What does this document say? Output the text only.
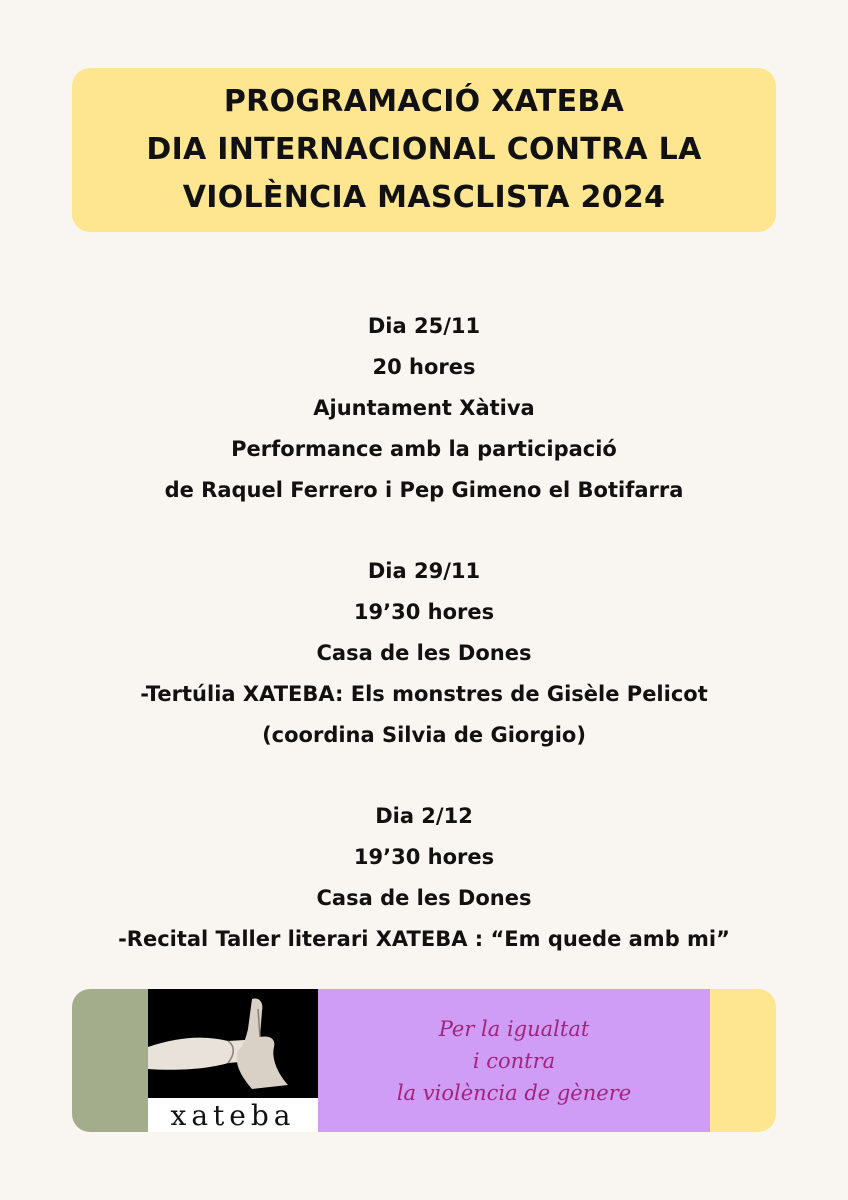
PROGRAMACIÓ XATEBA
DIA INTERNACIONAL CONTRA LA
VIOLÈNCIA MASCLISTA 2024
Dia 25/11
20 hores
Ajuntament Xàtiva
Performance amb la participació
de Raquel Ferrero i Pep Gimeno el Botifarra
Dia 29/11
19’30 hores
Casa de les Dones
-Tertúlia XATEBA: Els monstres de Gisèle Pelicot
(coordina Silvia de Giorgio)
Dia 2/12
19’30 hores
Casa de les Dones
-Recital Taller literari XATEBA : “Em quede amb mi”
xateba
Per la igualtat
i contra
la violència de gènere
